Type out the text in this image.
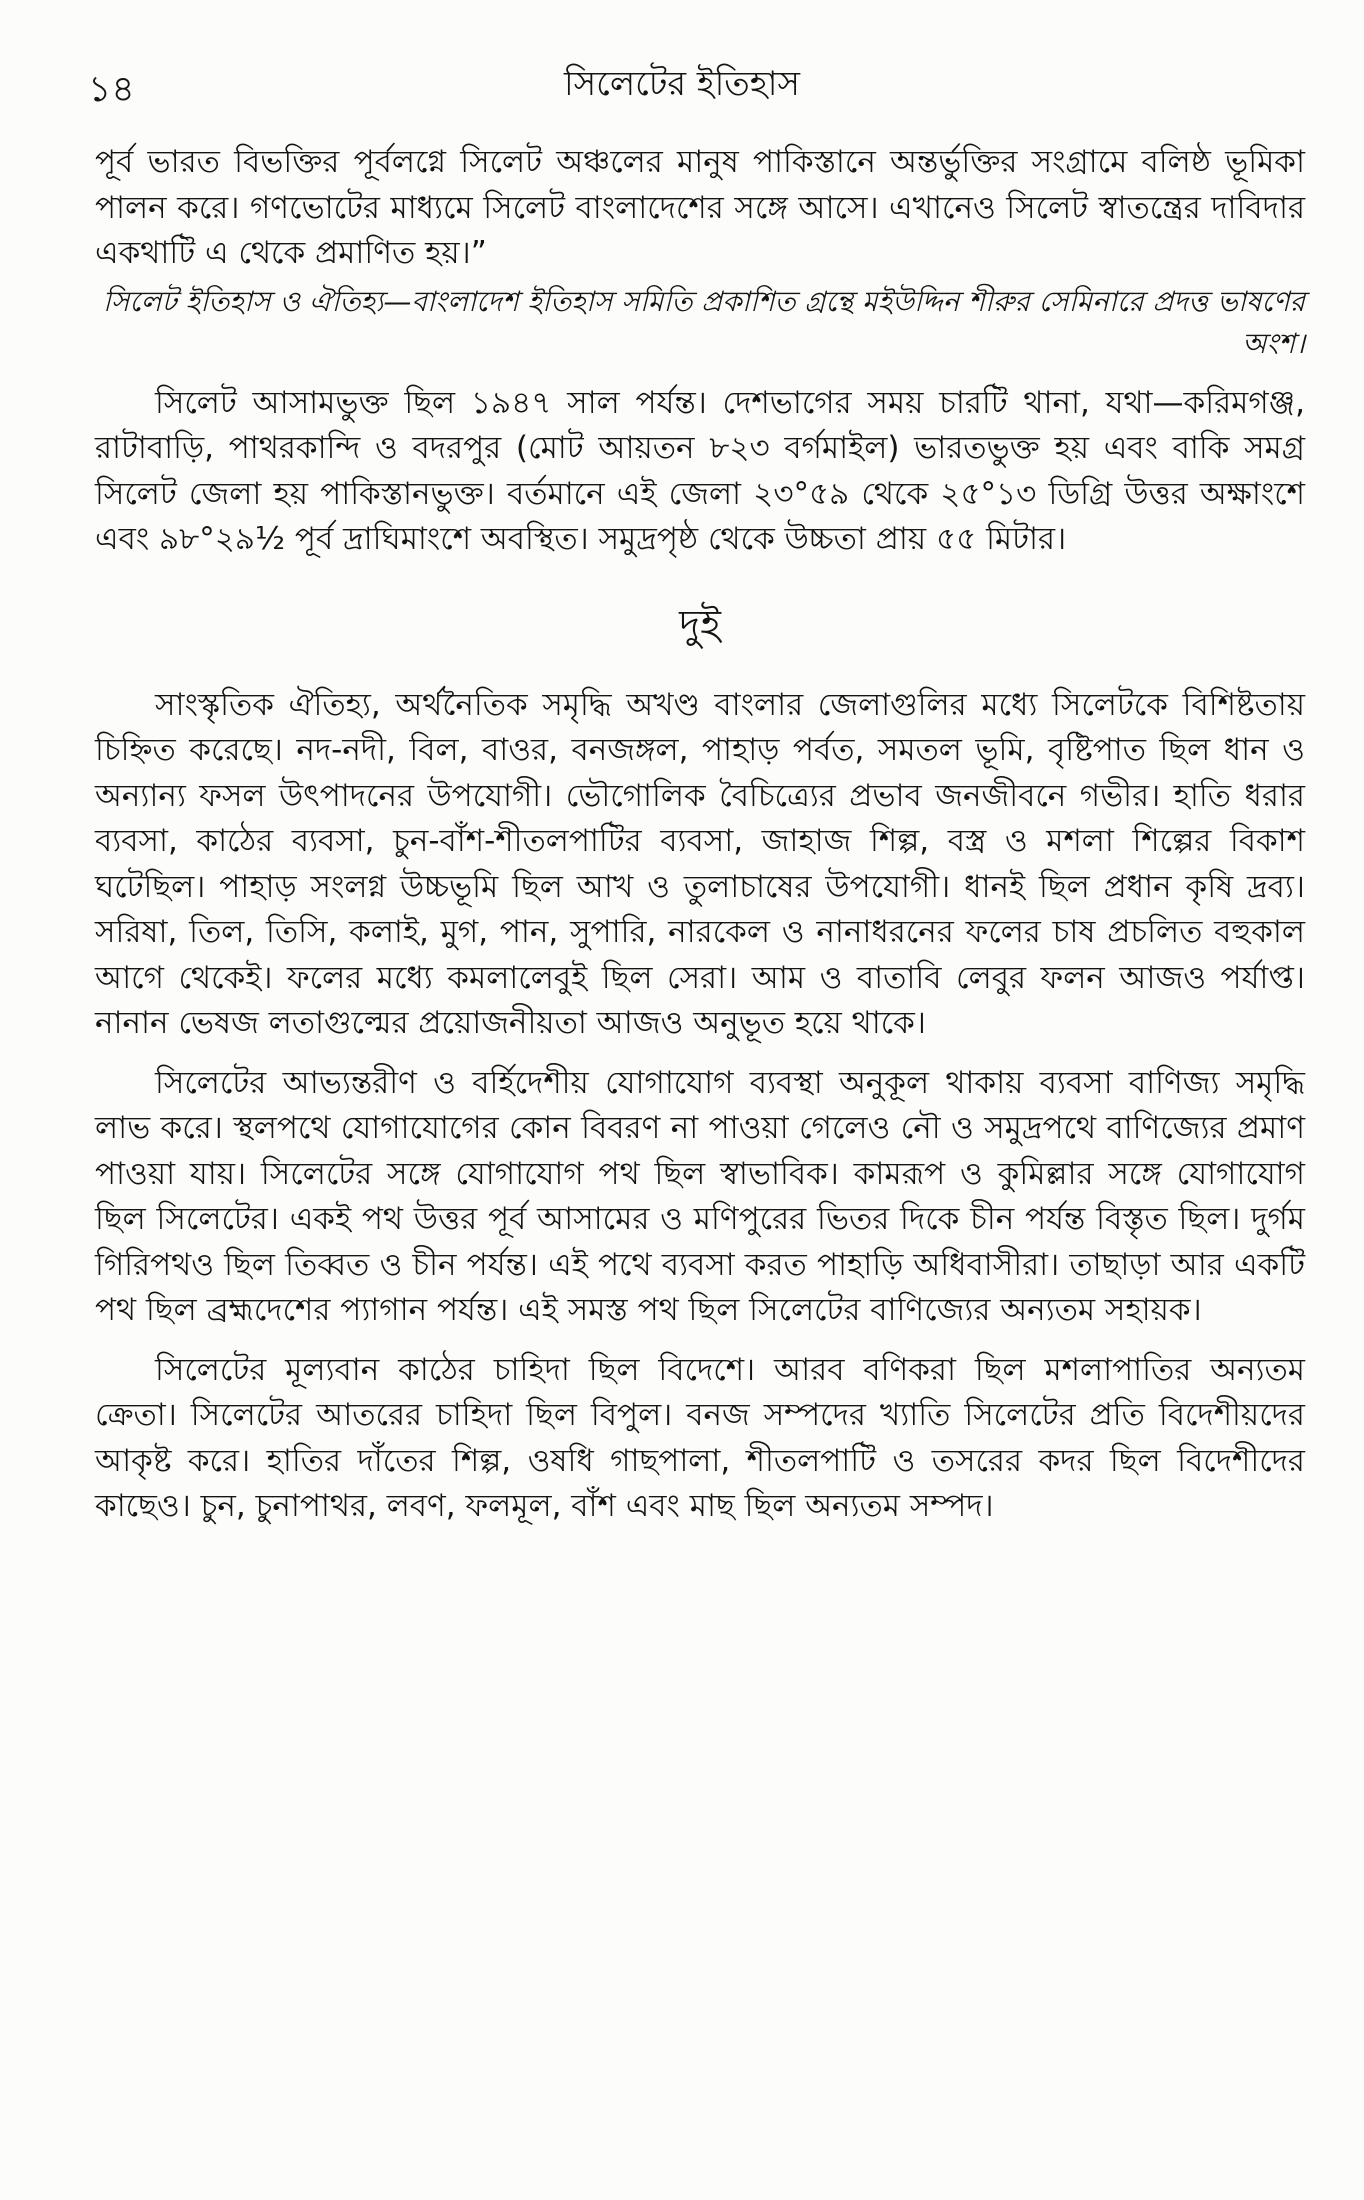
১৪	সিলেটের ইতিহাস

পূর্ব ভারত বিভক্তির পূর্বলগ্নে সিলেট অঞ্চলের মানুষ পাকিস্তানে অন্তর্ভুক্তির সংগ্রামে বলিষ্ঠ ভূমিকা পালন করে। গণভোটের মাধ্যমে সিলেট বাংলাদেশের সঙ্গে আসে। এখানেও সিলেট স্বাতন্ত্রের দাবিদার একথাটি এ থেকে প্রমাণিত হয়।”

সিলেট ইতিহাস ও ঐতিহ্য—বাংলাদেশ ইতিহাস সমিতি প্রকাশিত গ্রন্থে মইউদ্দিন শীরুর সেমিনারে প্রদত্ত ভাষণের অংশ।

সিলেট আসামভুক্ত ছিল ১৯৪৭ সাল পর্যন্ত। দেশভাগের সময় চারটি থানা, যথা—করিমগঞ্জ, রাটাবাড়ি, পাথরকান্দি ও বদরপুর (মোট আয়তন ৮২৩ বর্গমাইল) ভারতভুক্ত হয় এবং বাকি সমগ্র সিলেট জেলা হয় পাকিস্তানভুক্ত। বর্তমানে এই জেলা ২৩°৫৯ থেকে ২৫°১৩ ডিগ্রি উত্তর অক্ষাংশে এবং ৯৮°২৯½ পূর্ব দ্রাঘিমাংশে অবস্থিত। সমুদ্রপৃষ্ঠ থেকে উচ্চতা প্রায় ৫৫ মিটার।

দুই

সাংস্কৃতিক ঐতিহ্য, অর্থনৈতিক সমৃদ্ধি অখণ্ড বাংলার জেলাগুলির মধ্যে সিলেটকে বিশিষ্টতায় চিহ্নিত করেছে। নদ-নদী, বিল, বাওর, বনজঙ্গল, পাহাড় পর্বত, সমতল ভূমি, বৃষ্টিপাত ছিল ধান ও অন্যান্য ফসল উৎপাদনের উপযোগী। ভৌগোলিক বৈচিত্র্যের প্রভাব জনজীবনে গভীর। হাতি ধরার ব্যবসা, কাঠের ব্যবসা, চুন-বাঁশ-শীতলপাটির ব্যবসা, জাহাজ শিল্প, বস্ত্র ও মশলা শিল্পের বিকাশ ঘটেছিল। পাহাড় সংলগ্ন উচ্চভূমি ছিল আখ ও তুলাচাষের উপযোগী। ধানই ছিল প্রধান কৃষি দ্রব্য। সরিষা, তিল, তিসি, কলাই, মুগ, পান, সুপারি, নারকেল ও নানাধরনের ফলের চাষ প্রচলিত বহুকাল আগে থেকেই। ফলের মধ্যে কমলালেবুই ছিল সেরা। আম ও বাতাবি লেবুর ফলন আজও পর্যাপ্ত। নানান ভেষজ লতাগুল্মের প্রয়োজনীয়তা আজও অনুভূত হয়ে থাকে।

সিলেটের আভ্যন্তরীণ ও বর্হিদেশীয় যোগাযোগ ব্যবস্থা অনুকূল থাকায় ব্যবসা বাণিজ্য সমৃদ্ধি লাভ করে। স্থলপথে যোগাযোগের কোন বিবরণ না পাওয়া গেলেও নৌ ও সমুদ্রপথে বাণিজ্যের প্রমাণ পাওয়া যায়। সিলেটের সঙ্গে যোগাযোগ পথ ছিল স্বাভাবিক। কামরূপ ও কুমিল্লার সঙ্গে যোগাযোগ ছিল সিলেটের। একই পথ উত্তর পূর্ব আসামের ও মণিপুরের ভিতর দিকে চীন পর্যন্ত বিস্তৃত ছিল। দুর্গম গিরিপথও ছিল তিব্বত ও চীন পর্যন্ত। এই পথে ব্যবসা করত পাহাড়ি অধিবাসীরা। তাছাড়া আর একটি পথ ছিল ব্রহ্মদেশের প্যাগান পর্যন্ত। এই সমস্ত পথ ছিল সিলেটের বাণিজ্যের অন্যতম সহায়ক।

সিলেটের মূল্যবান কাঠের চাহিদা ছিল বিদেশে। আরব বণিকরা ছিল মশলাপাতির অন্যতম ক্রেতা। সিলেটের আতরের চাহিদা ছিল বিপুল। বনজ সম্পদের খ্যাতি সিলেটের প্রতি বিদেশীয়দের আকৃষ্ট করে। হাতির দাঁতের শিল্প, ওষধি গাছপালা, শীতলপাটি ও তসরের কদর ছিল বিদেশীদের কাছেও। চুন, চুনাপাথর, লবণ, ফলমূল, বাঁশ এবং মাছ ছিল অন্যতম সম্পদ।
